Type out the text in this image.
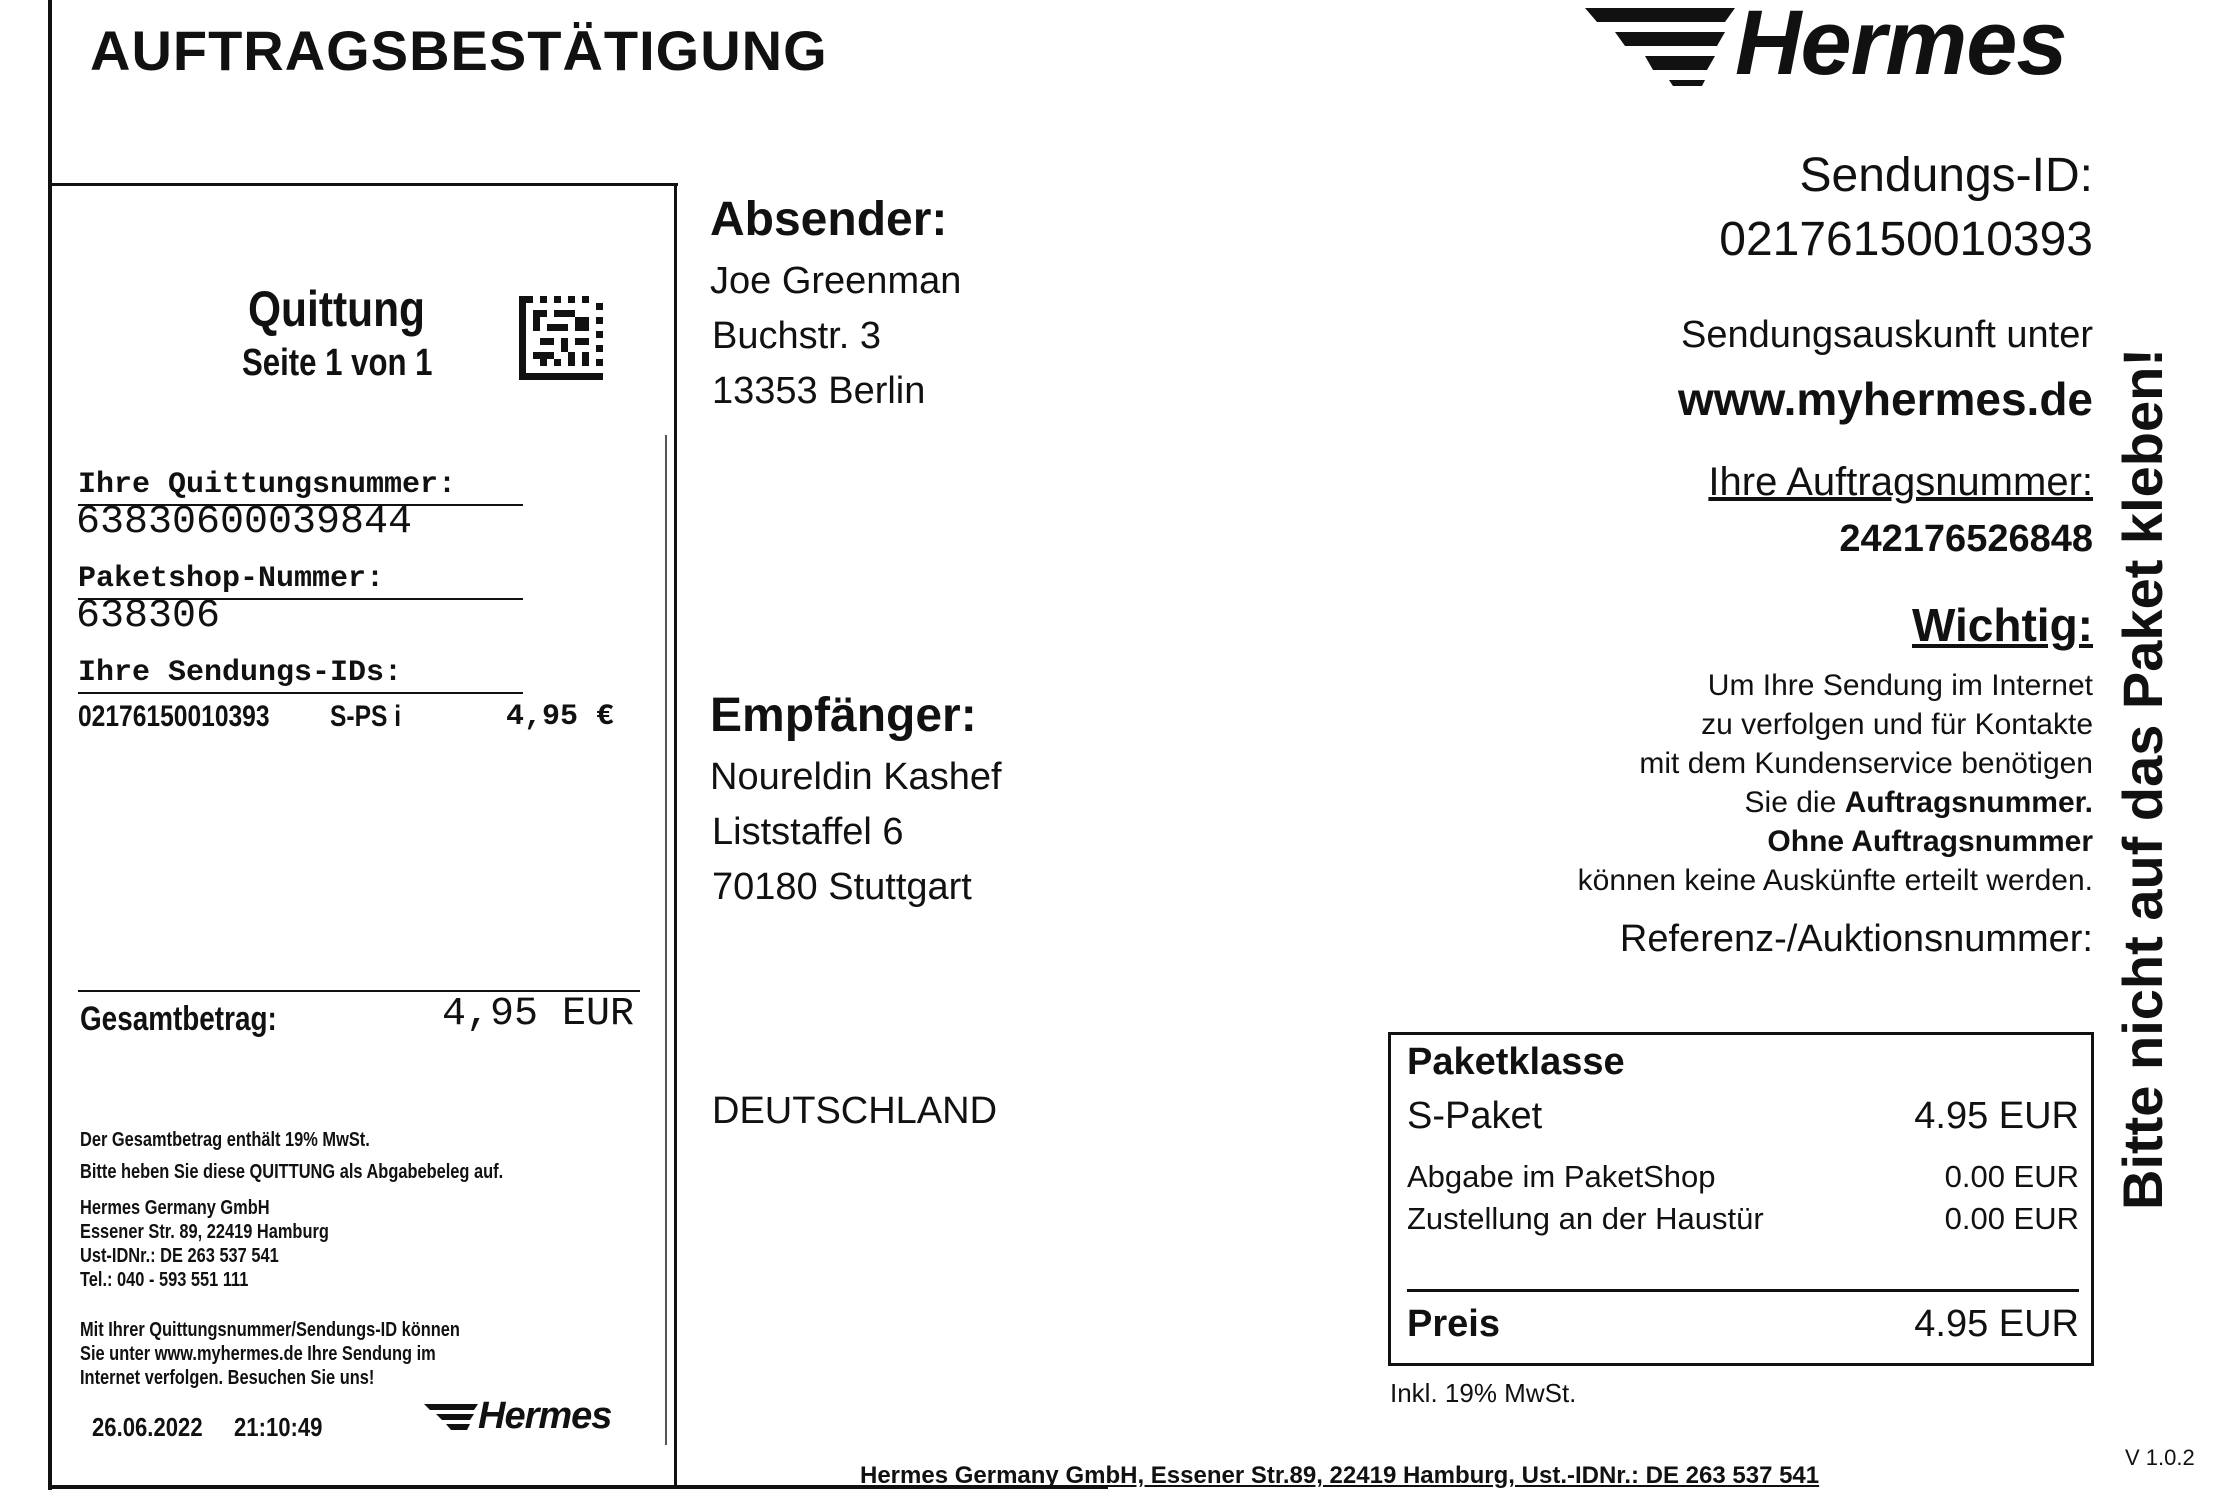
AUFTRAGSBESTÄTIGUNG	Hermes
Quittung
Seite 1 von 1
Ihre Quittungsnummer:
63830600039844
Paketshop-Nummer:
638306
Ihre Sendungs-IDs:
02176150010393 S-PS i	4,95 €
Gesamtbetrag:	4,95 EUR
Der Gesamtbetrag enthält 19% MwSt.
Bitte heben Sie diese QUITTUNG als Abgabebeleg auf.
Hermes Germany GmbH
Essener Str. 89, 22419 Hamburg
Ust-IDNr.: DE 263 537 541
Tel.: 040 - 593 551 111
Mit Ihrer Quittungsnummer/Sendungs-ID können
Sie unter www.myhermes.de Ihre Sendung im
Internet verfolgen. Besuchen Sie uns!
26.06.2022 21:10:49	Hermes
Absender:
Joe Greenman
Buchstr. 3
13353 Berlin
Empfänger:
Noureldin Kashef
Liststaffel 6
70180 Stuttgart
DEUTSCHLAND
Sendungs-ID:
02176150010393
Sendungsauskunft unter
www.myhermes.de
Ihre Auftragsnummer:
242176526848
Wichtig:
Um Ihre Sendung im Internet
zu verfolgen und für Kontakte
mit dem Kundenservice benötigen
Sie die Auftragsnummer.
Ohne Auftragsnummer
können keine Auskünfte erteilt werden.
Referenz-/Auktionsnummer: Bitte nicht auf das Paket kleben!
Paketklasse
S-Paket	4.95 EUR
Abgabe im PaketShop	0.00 EUR
Zustellung an der Haustür	0.00 EUR
Preis	4.95 EUR
Inkl. 19% MwSt.
Hermes Germany GmbH, Essener Str.89, 22419 Hamburg, Ust.-IDNr.: DE 263 537 541
V 1.0.2
